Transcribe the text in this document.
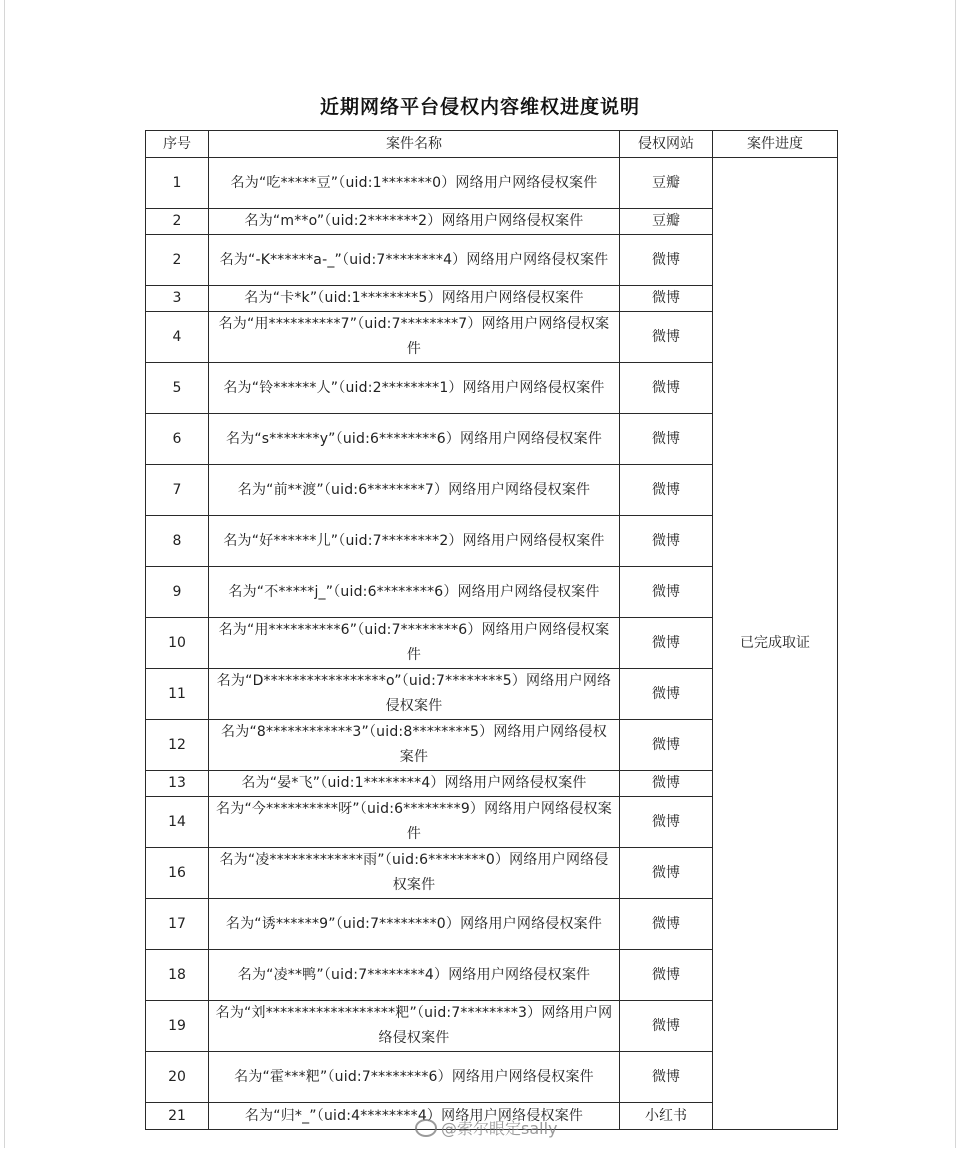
近期网络平台侵权内容维权进度说明
序号	案件名称	侵权网站	案件进度
1	名为“吃*****豆”（uid:1*******0）网络用户网络侵权案件	豆瓣	已完成取证
2	名为“m**o”（uid:2*******2）网络用户网络侵权案件	豆瓣	
2	名为“-K******a-_”（uid:7********4）网络用户网络侵权案件	微博	
3	名为“卡*k”（uid:1********5）网络用户网络侵权案件	微博	
4	名为“用**********7”（uid:7********7）网络用户网络侵权案件	微博	
5	名为“铃******人”（uid:2********1）网络用户网络侵权案件	微博	
6	名为“s*******y”（uid:6********6）网络用户网络侵权案件	微博	
7	名为“前**渡”（uid:6********7）网络用户网络侵权案件	微博	
8	名为“好******儿”（uid:7********2）网络用户网络侵权案件	微博	
9	名为“不*****j_”（uid:6********6）网络用户网络侵权案件	微博	
10	名为“用**********6”（uid:7********6）网络用户网络侵权案件	微博	
11	名为“D*****************o”（uid:7********5）网络用户网络侵权案件	微博	
12	名为“8************3”（uid:8********5）网络用户网络侵权案件	微博	
13	名为“晏*飞”（uid:1********4）网络用户网络侵权案件	微博	
14	名为“今**********呀”（uid:6********9）网络用户网络侵权案件	微博	
16	名为“凌*************雨”（uid:6********0）网络用户网络侵权案件	微博	
17	名为“诱******9”（uid:7********0）网络用户网络侵权案件	微博	
18	名为“凌**鸭”（uid:7********4）网络用户网络侵权案件	微博	
19	名为“刘******************粑”（uid:7********3）网络用户网络侵权案件	微博	
20	名为“霍***粑”（uid:7********6）网络用户网络侵权案件	微博	
21	名为“归*_”（uid:4********4）网络用户网络侵权案件	小红书	
@索尔眼定sally
